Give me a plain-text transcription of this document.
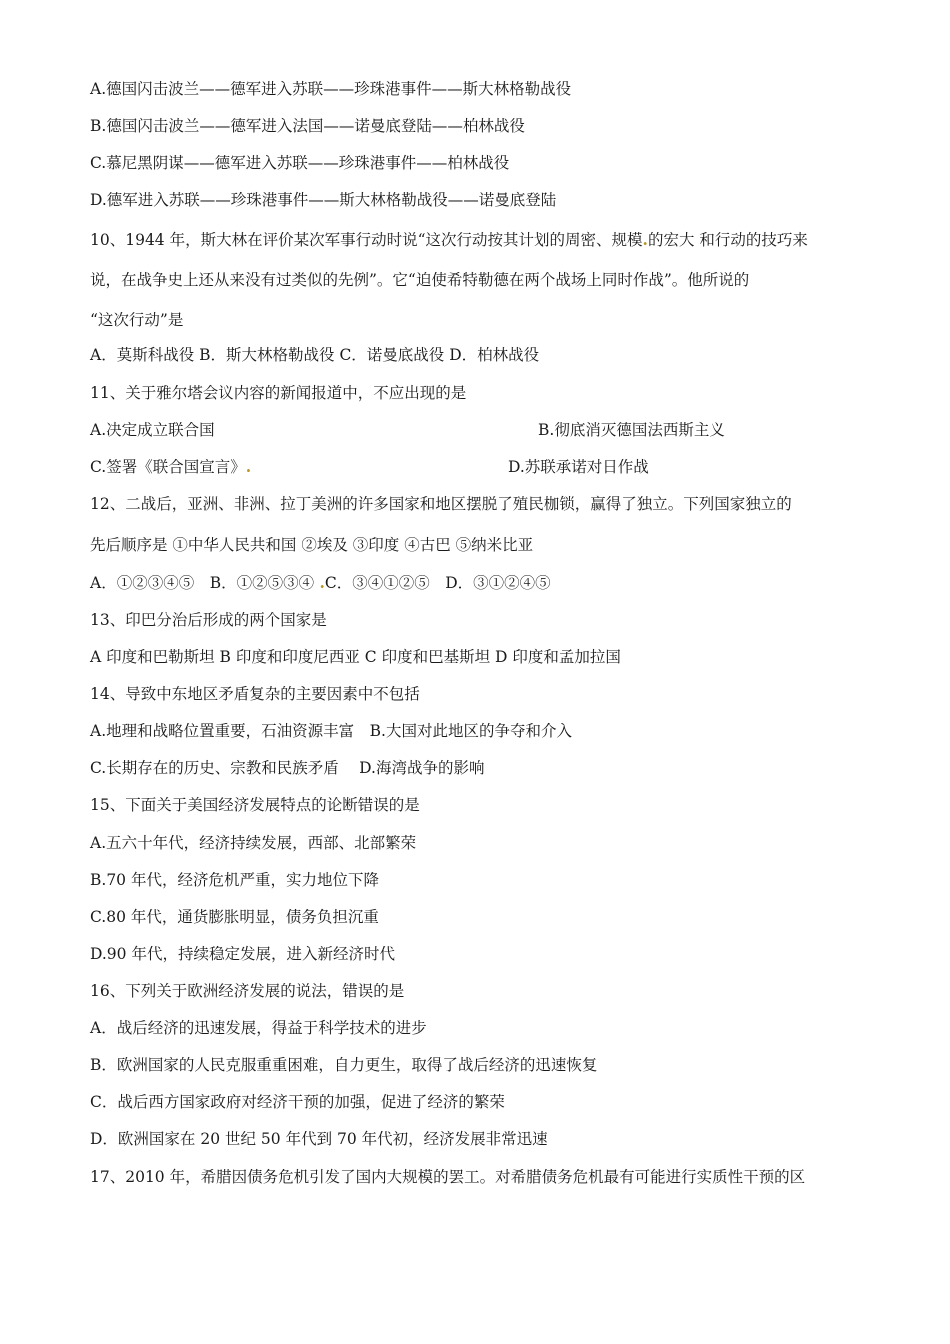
A.德国闪击波兰——德军进入苏联——珍珠港事件——斯大林格勒战役
B.德国闪击波兰——德军进入法国——诺曼底登陆——柏林战役
C.慕尼黑阴谋——德军进入苏联——珍珠港事件——柏林战役
D.德军进入苏联——珍珠港事件——斯大林格勒战役——诺曼底登陆
10、1944 年，斯大林在评价某次军事行动时说“这次行动按其计划的周密、规模.的宏大 和行动的技巧来
说，在战争史上还从来没有过类似的先例”。它“迫使希特勒德在两个战场上同时作战”。他所说的
“这次行动”是
A．莫斯科战役 B．斯大林格勒战役 C．诺曼底战役 D．柏林战役
11、关于雅尔塔会议内容的新闻报道中，不应出现的是
A.决定成立联合国	B.彻底消灭德国法西斯主义
C.签署《联合国宣言》.	D.苏联承诺对日作战
12、二战后，亚洲、非洲、拉丁美洲的许多国家和地区摆脱了殖民枷锁，赢得了独立。下列国家独立的
先后顺序是 ①中华人民共和国 ②埃及 ③印度 ④古巴 ⑤纳米比亚
A．①②③④⑤　B．①②⑤③④ .C．③④①②⑤　D．③①②④⑤
13、印巴分治后形成的两个国家是
A 印度和巴勒斯坦 B 印度和印度尼西亚 C 印度和巴基斯坦 D 印度和孟加拉国
14、导致中东地区矛盾复杂的主要因素中不包括
A.地理和战略位置重要，石油资源丰富　B.大国对此地区的争夺和介入
C.长期存在的历史、宗教和民族矛盾　 D.海湾战争的影响
15、下面关于美国经济发展特点的论断错误的是
A.五六十年代，经济持续发展，西部、北部繁荣
B.70 年代，经济危机严重，实力地位下降
C.80 年代，通货膨胀明显，债务负担沉重
D.90 年代，持续稳定发展，进入新经济时代
16、下列关于欧洲经济发展的说法，错误的是
A．战后经济的迅速发展，得益于科学技术的进步
B．欧洲国家的人民克服重重困难，自力更生，取得了战后经济的迅速恢复
C．战后西方国家政府对经济干预的加强，促进了经济的繁荣
D．欧洲国家在 20 世纪 50 年代到 70 年代初，经济发展非常迅速
17、2010 年，希腊因债务危机引发了国内大规模的罢工。对希腊债务危机最有可能进行实质性干预的区
